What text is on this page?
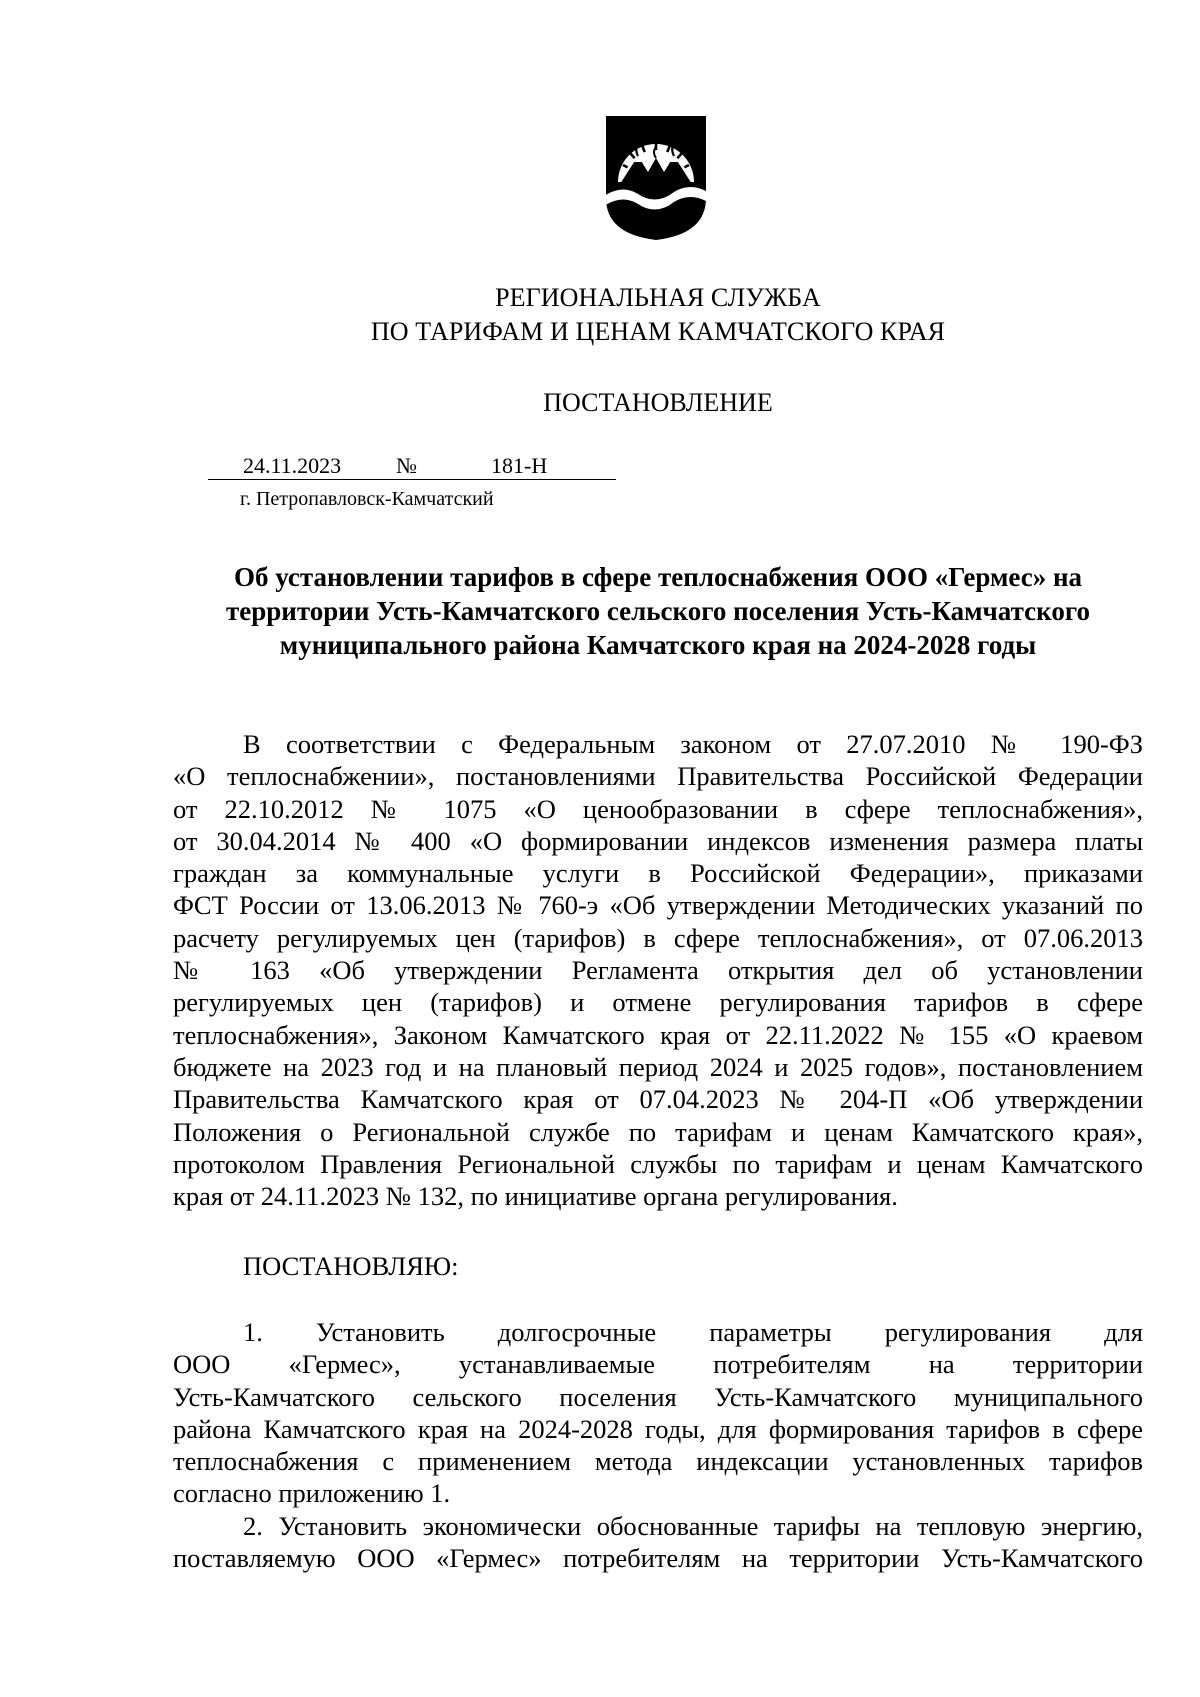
РЕГИОНАЛЬНАЯ СЛУЖБА
ПО ТАРИФАМ И ЦЕНАМ КАМЧАТСКОГО КРАЯ
ПОСТАНОВЛЕНИЕ
24.11.2023 №	181-Н
г. Петропавловск-Камчатский
Об установлении тарифов в сфере теплоснабжения ООО «Гермес» на
территории Усть-Камчатского сельского поселения Усть-Камчатского
муниципального района Камчатского края на 2024-2028 годы
В соответствии с Федеральным законом от 27.07.2010 № 190-ФЗ
«О теплоснабжении», постановлениями Правительства Российской Федерации
от 22.10.2012 № 1075 «О ценообразовании в сфере теплоснабжения»,
от 30.04.2014 № 400 «О формировании индексов изменения размера платы
граждан за коммунальные услуги в Российской Федерации», приказами
ФСТ России от 13.06.2013 № 760-э «Об утверждении Методических указаний по
расчету регулируемых цен (тарифов) в сфере теплоснабжения», от 07.06.2013
№ 163 «Об утверждении Регламента открытия дел об установлении
регулируемых цен (тарифов) и отмене регулирования тарифов в сфере
теплоснабжения», Законом Камчатского края от 22.11.2022 № 155 «О краевом
бюджете на 2023 год и на плановый период 2024 и 2025 годов», постановлением
Правительства Камчатского края от 07.04.2023 № 204-П «Об утверждении
Положения о Региональной службе по тарифам и ценам Камчатского края»,
протоколом Правления Региональной службы по тарифам и ценам Камчатского
края от 24.11.2023 № 132, по инициативе органа регулирования.
ПОСТАНОВЛЯЮ:
1. Установить долгосрочные параметры регулирования для
ООО «Гермес», устанавливаемые потребителям на территории
Усть-Камчатского сельского поселения Усть-Камчатского муниципального
района Камчатского края на 2024-2028 годы, для формирования тарифов в сфере
теплоснабжения с применением метода индексации установленных тарифов
согласно приложению 1.
2. Установить экономически обоснованные тарифы на тепловую энергию,
поставляемую ООО «Гермес» потребителям на территории Усть-Камчатского
